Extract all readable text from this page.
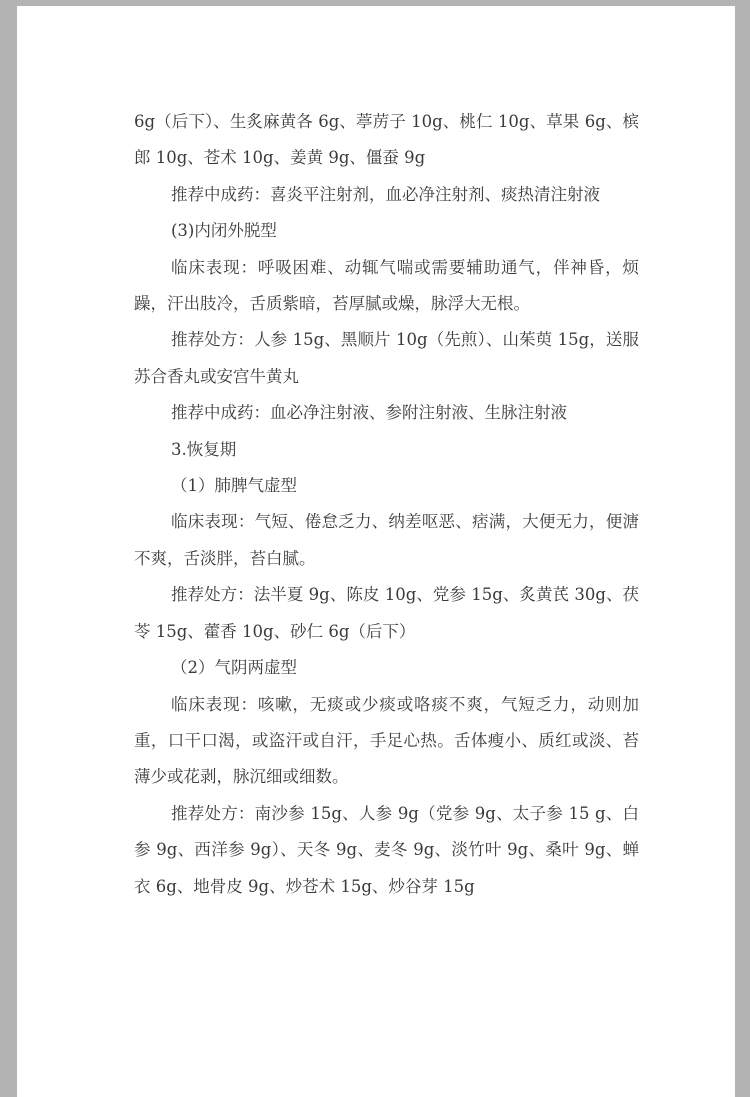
6g（后下）、生炙麻黄各 6g、葶苈子 10g、桃仁 10g、草果 6g、槟郎 10g、苍术 10g、姜黄 9g、僵蚕 9g

推荐中成药：喜炎平注射剂，血必净注射剂、痰热清注射液

(3)内闭外脱型

临床表现：呼吸困难、动辄气喘或需要辅助通气，伴神昏，烦躁，汗出肢冷，舌质紫暗，苔厚腻或燥，脉浮大无根。

推荐处方：人参 15g、黑顺片 10g（先煎）、山茱萸 15g，送服苏合香丸或安宫牛黄丸

推荐中成药：血必净注射液、参附注射液、生脉注射液

3.恢复期

（1）肺脾气虚型

临床表现：气短、倦怠乏力、纳差呕恶、痞满，大便无力，便溏不爽，舌淡胖，苔白腻。

推荐处方：法半夏 9g、陈皮 10g、党参 15g、炙黄芪 30g、茯苓 15g、藿香 10g、砂仁 6g（后下）

（2）气阴两虚型

临床表现：咳嗽，无痰或少痰或咯痰不爽，气短乏力，动则加重，口干口渴，或盗汗或自汗，手足心热。舌体瘦小、质红或淡、苔薄少或花剥，脉沉细或细数。

推荐处方：南沙参 15g、人参 9g（党参 9g、太子参 15 g、白参 9g、西洋参 9g）、天冬 9g、麦冬 9g、淡竹叶 9g、桑叶 9g、蝉衣 6g、地骨皮 9g、炒苍术 15g、炒谷芽 15g
